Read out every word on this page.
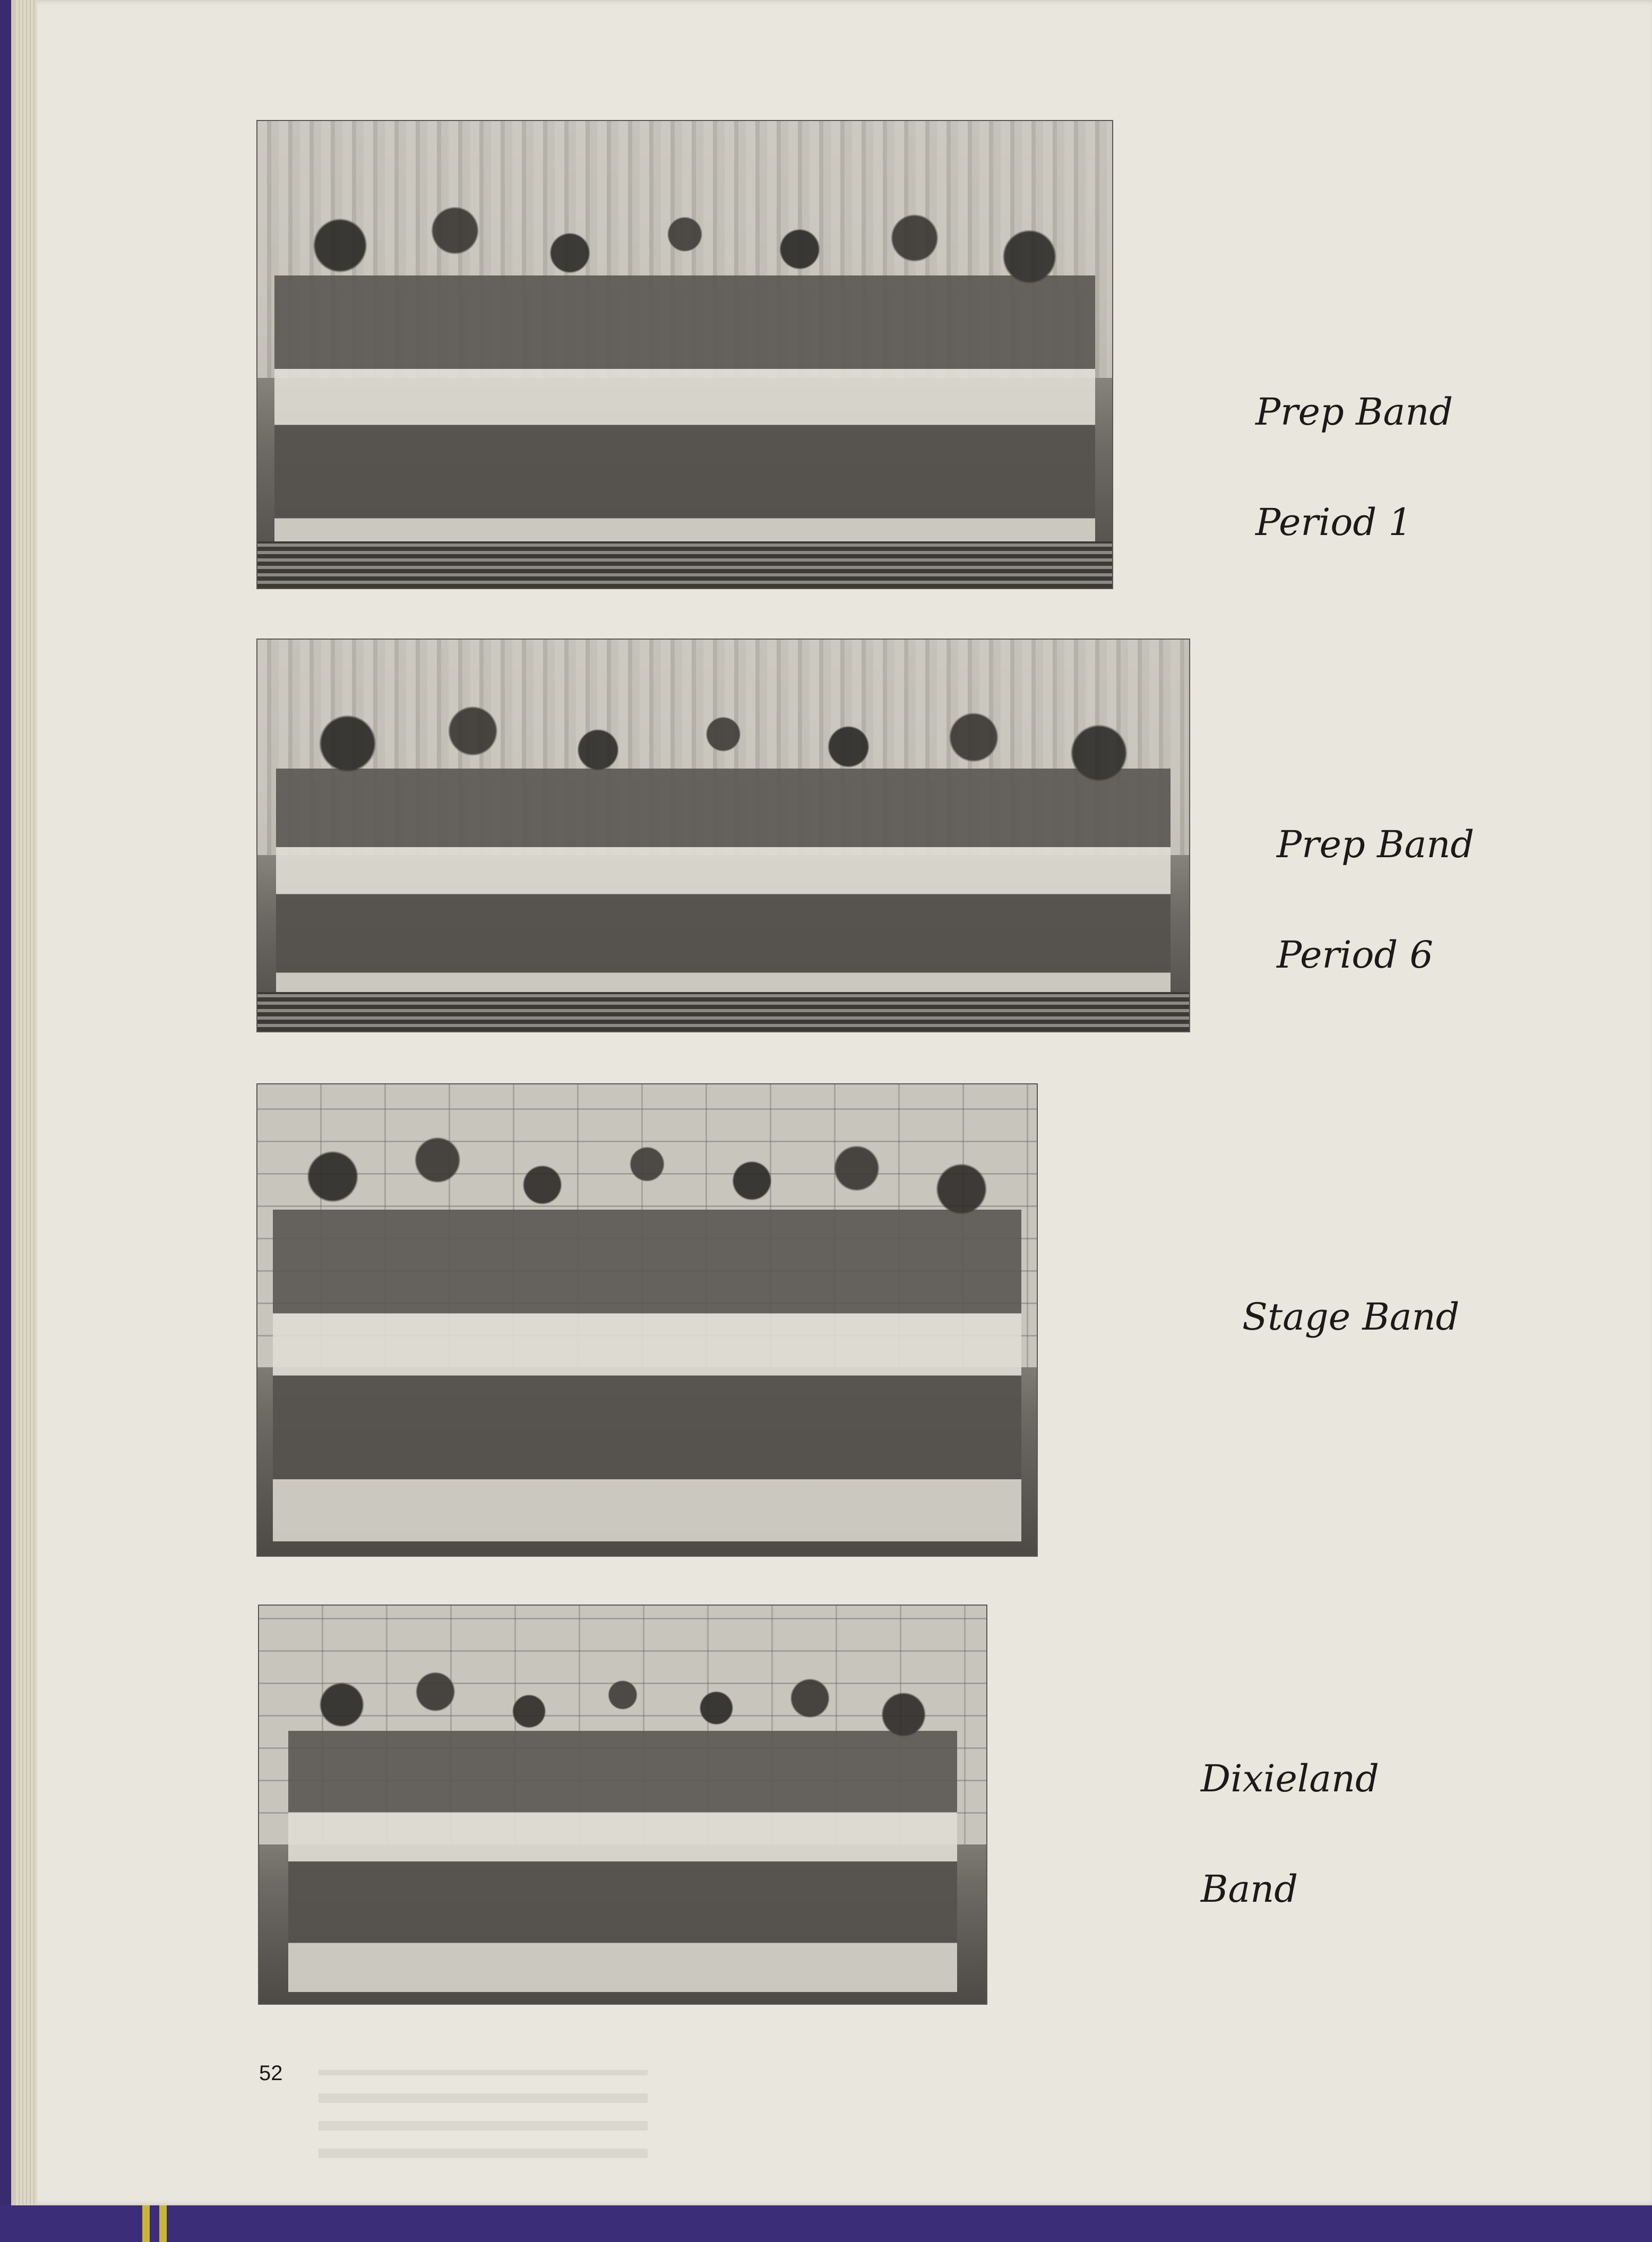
Prep Band

Period 1

Prep Band

Period 6

Stage Band

Dixieland

Band

52
